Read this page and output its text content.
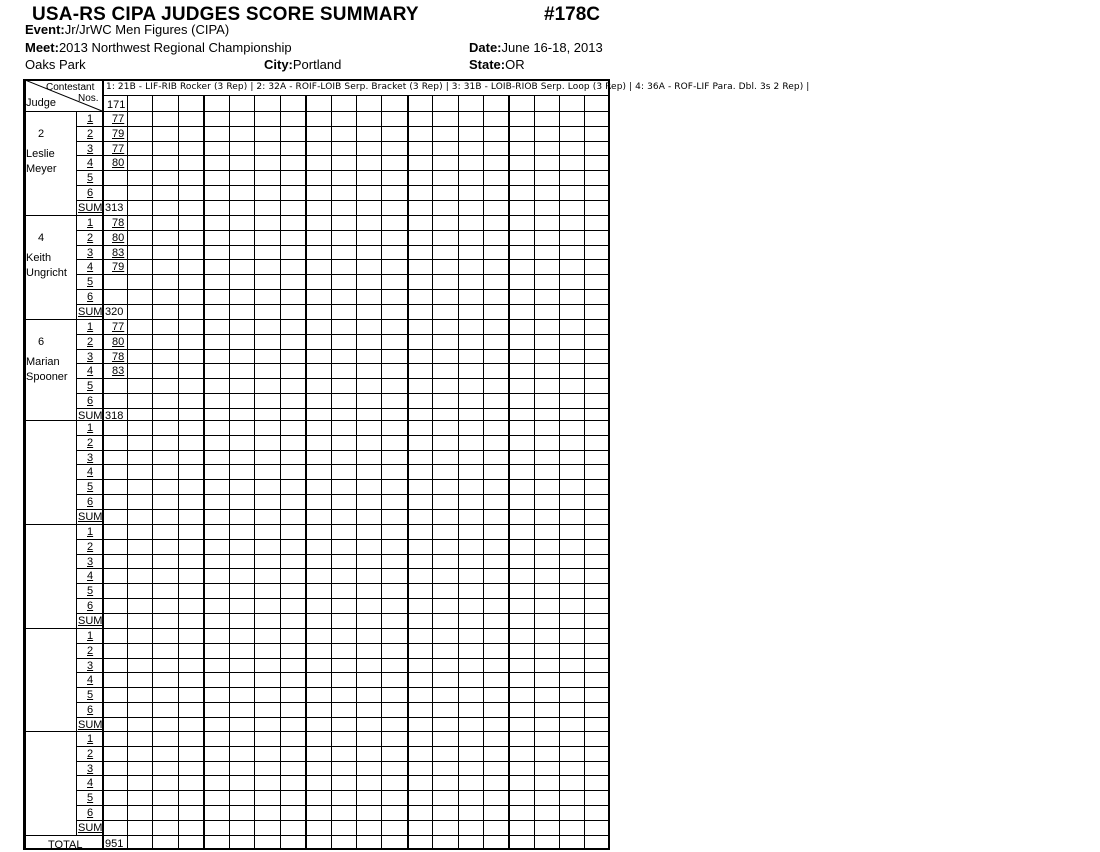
USA-RS CIPA JUDGES SCORE SUMMARY	#178C
Event:Jr/JrWC Men Figures (CIPA)
Meet:2013 Northwest Regional Championship	Date:June 16-18, 2013
Oaks Park	City:Portland	State:OR
1: 21B - LIF-RIB Rocker (3 Rep) | 2: 32A - ROIF-LOIB Serp. Bracket (3 Rep) | 3: 31B - LOIB-RIOB Serp. Loop (3 Rep) | 4: 36A - ROF-LIF Para. Dbl. 3s 2 Rep) |
Contestant
Nos.
Judge	171
2
Leslie
Meyer
1 77
2 79
3 77
4 80
5
6
SUM 313
4
Keith
Ungricht
1 78
2 80
3 83
4 79
5
6
SUM 320
6
Marian
Spooner
1 77
2 80
3 78
4 83
5
6
SUM 318
1
2
3
4
5
6
SUM
1
2
3
4
5
6
SUM
1
2
3
4
5
6
SUM
1
2
3
4
5
6
SUM
TOTAL 951
